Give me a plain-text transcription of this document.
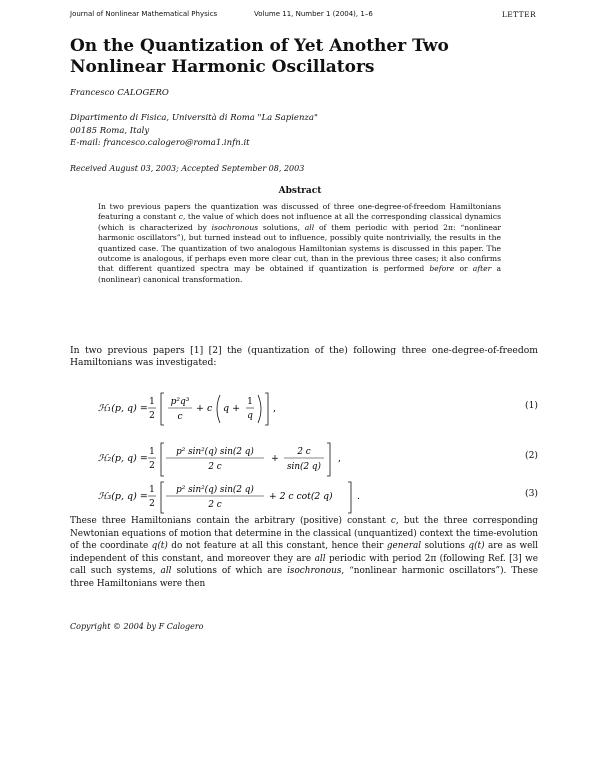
Journal of Nonlinear Mathematical Physics	Volume 11, Number 1 (2004), 1–6	LETTER
On the Quantization of Yet Another Two
Nonlinear Harmonic Oscillators
Francesco CALOGERO
Dipartimento di Fisica, Università di Roma "La Sapienza"
00185 Roma, Italy
E-mail: francesco.calogero@roma1.infn.it
Received August 03, 2003; Accepted September 08, 2003
Abstract
In two previous papers the quantization was discussed of three one-degree-of-freedom Hamiltonians featuring a constant c, the value of which does not influence at all the corresponding classical dynamics (which is characterized by isochronous solutions, all of them periodic with period 2π: “nonlinear harmonic oscillators”), but turned instead out to influence, possibly quite nontrivially, the results in the quantized case. The quantization of two analogous Hamiltonian systems is discussed in this paper. The outcome is analogous, if perhaps even more clear cut, than in the previous three cases; it also confirms that different quantized spectra may be obtained if quantization is performed before or after a (nonlinear) canonical transformation.
In two previous papers [1] [2] the (quantization of the) following three one-degree-of-freedom Hamiltonians was investigated:
ℋ₁(p, q) =
1
2
p²q³
c
+ c q +
1
q
,	(1)
ℋ₂(p, q) =
1
2
p² sin²(q) sin(2 q)
2 c
+
2 c
sin(2 q)
,	(2)
ℋ₃(p, q) =
1
2
p² sin²(q) sin(2 q)
2 c
+ 2 c cot(2 q)	.	(3)
These three Hamiltonians contain the arbitrary (positive) constant c, but the three corresponding Newtonian equations of motion that determine in the classical (unquantized) context the time-evolution of the coordinate q(t) do not feature at all this constant, hence their general solutions q(t) are as well independent of this constant, and moreover they are all periodic with period 2π (following Ref. [3] we call such systems, all solutions of which are isochronous, “nonlinear harmonic oscillators”). These three Hamiltonians were then
Copyright © 2004 by F Calogero
